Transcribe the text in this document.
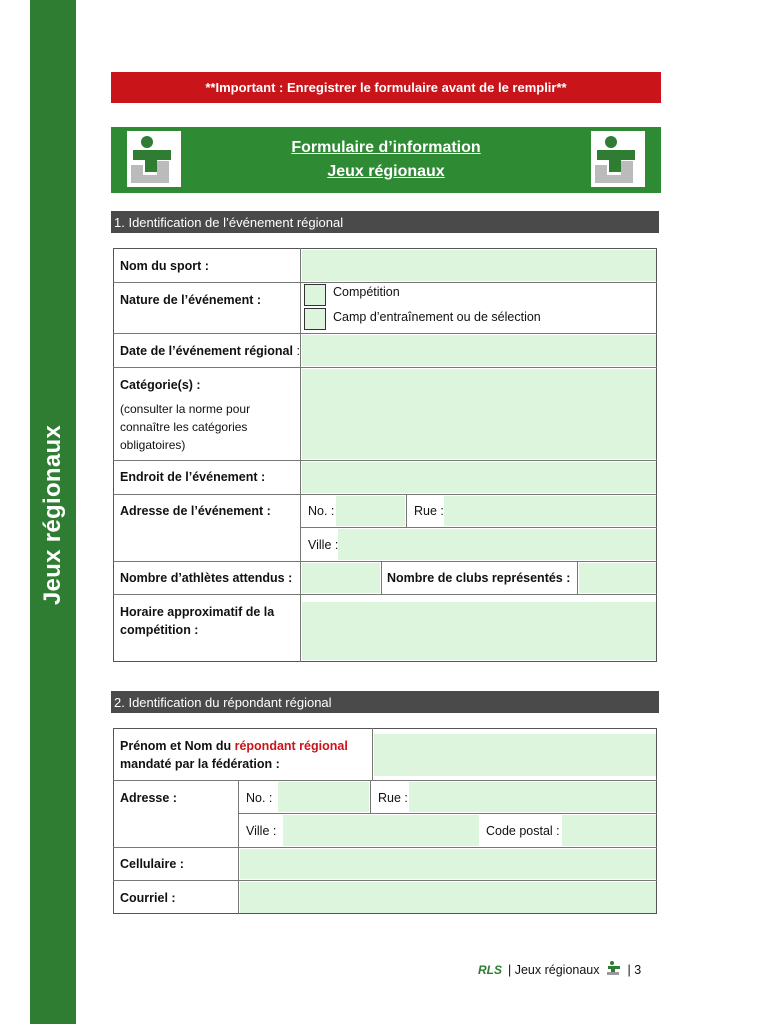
Jeux régionaux
**Important : Enregistrer le formulaire avant de le remplir**
Formulaire d’information
Jeux régionaux
1. Identification de l’événement régional
Nom du sport :
Nature de l’événement :
Compétition
Camp d’entraînement ou de sélection
Date de l’événement régional :
Catégorie(s) :
(consulter la norme pour connaître les catégories obligatoires)
Endroit de l’événement :
Adresse de l’événement :	No. :	Rue :
Ville :
Nombre d’athlètes attendus :	Nombre de clubs représentés :
Horaire approximatif de la compétition :
2. Identification du répondant régional
Prénom et Nom du répondant régional
mandaté par la fédération :
Adresse :	No. :	Rue :
Ville :	Code postal :
Cellulaire :
Courriel :
RLS | Jeux régionaux | 3
